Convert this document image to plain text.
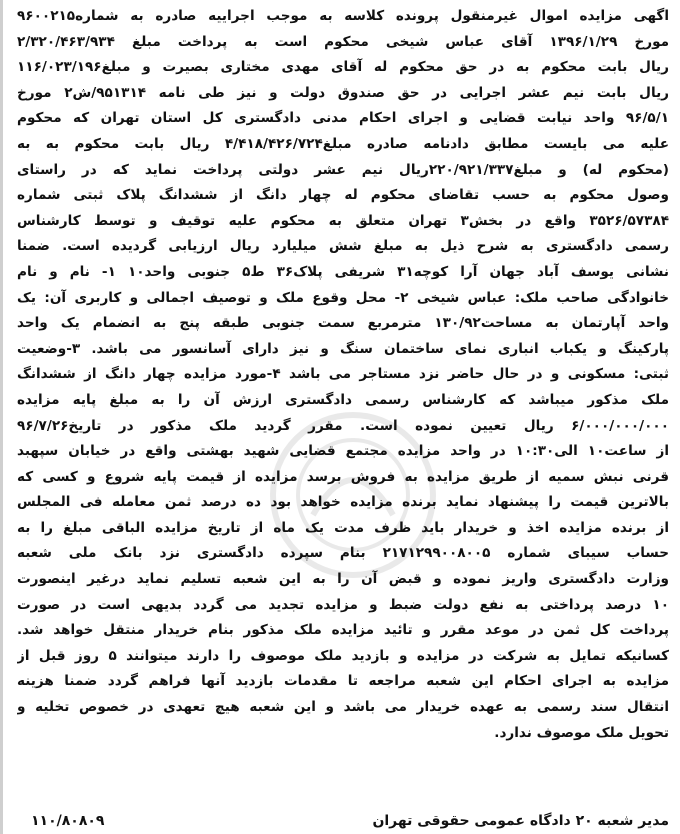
اگهی مزایده اموال غیرمنقول پرونده کلاسه به موجب اجراییه صادره به شماره۹۶۰۰۲۱۵
مورخ ۱۳۹۶/۱/۲۹ آقای عباس شیخی محکوم است به پرداخت مبلغ ۲/۳۲۰/۴۶۳/۹۳۴
ریال بابت محکوم به در حق محکوم له آقای مهدی مختاری بصیرت و مبلغ۱۱۶/۰۲۳/۱۹۶
ریال بابت نیم عشر اجرایی در حق صندوق دولت و نیز طی نامه ۹۵۱۳۱۴/ش۲ مورخ
۹۶/۵/۱ واحد نیابت قضایی و اجرای احکام مدنی دادگستری کل استان تهران که محکوم
علیه می بایست مطابق دادنامه صادره مبلغ۴/۴۱۸/۴۲۶/۷۲۴ ریال بابت محکوم به به
(محکوم له) و مبلغ۲۲۰/۹۲۱/۳۳۷ریال نیم عشر دولتی پرداخت نماید که در راستای
وصول محکوم به حسب تقاضای محکوم له چهار دانگ از ششدانگ پلاک ثبتی شماره
۳۵۲۶/۵۷۳۸۴ واقع در بخش۳ تهران متعلق به محکوم علیه توقیف و توسط کارشناس
رسمی دادگستری به شرح ذیل به مبلغ شش میلیارد ریال ارزیابی گردیده است. ضمنا
نشانی یوسف آباد جهان آرا کوچه۳۱ شریفی پلاک۳۶ ط۵ جنوبی واحد۱۰ ۱- نام و نام
خانوادگی صاحب ملک: عباس شیخی ۲- محل وقوع ملک و توصیف اجمالی و کاربری آن: یک
واحد آپارتمان به مساحت۱۳۰/۹۲ مترمربع سمت جنوبی طبقه پنج به انضمام یک واحد
پارکینگ و یکباب انباری نمای ساختمان سنگ و نیز دارای آسانسور می باشد. ۳-وضعیت
ثبتی: مسکونی و در حال حاضر نزد مستاجر می باشد ۴-مورد مزایده چهار دانگ از ششدانگ
ملک مذکور میباشد که کارشناس رسمی دادگستری ارزش آن را به مبلغ پایه مزایده
۶/۰۰۰/۰۰۰/۰۰۰ ریال تعیین نموده است. مقرر گردید ملک مذکور در تاریخ۹۶/۷/۲۶
از ساعت۱۰ الی۱۰:۳۰ در واحد مزایده مجتمع قضایی شهید بهشتی واقع در خیابان سپهبد
قرنی نبش سمیه از طریق مزایده به فروش برسد مزایده از قیمت پایه شروع و کسی که
بالاترین قیمت را پیشنهاد نماید برنده مزایده خواهد بود ده درصد ثمن معامله فی المجلس
از برنده مزایده اخذ و خریدار باید ظرف مدت یک ماه از تاریخ مزایده الباقی مبلغ را به
حساب سیبای شماره ۲۱۷۱۲۹۹۰۰۸۰۰۵ بنام سپرده دادگستری نزد بانک ملی شعبه
وزارت دادگستری واریز نموده و قبض آن را به این شعبه تسلیم نماید درغیر اینصورت
۱۰ درصد پرداختی به نفع دولت ضبط و مزایده تجدید می گردد بدیهی است در صورت
پرداخت کل ثمن در موعد مقرر و تائید مزایده ملک مذکور بنام خریدار منتقل خواهد شد.
کسانیکه تمایل به شرکت در مزایده و بازدید ملک موصوف را دارند میتوانند ۵ روز قبل از
مزایده به اجرای احکام این شعبه مراجعه تا مقدمات بازدید آنها فراهم گردد ضمنا هزینه
انتقال سند رسمی به عهده خریدار می باشد و این شعبه هیچ تعهدی در خصوص تخلیه و
تحویل ملک موصوف ندارد.
مدیر شعبه ۲۰ دادگاه عمومی حقوقی تهران
۱۱۰/۸۰۸۰۹
